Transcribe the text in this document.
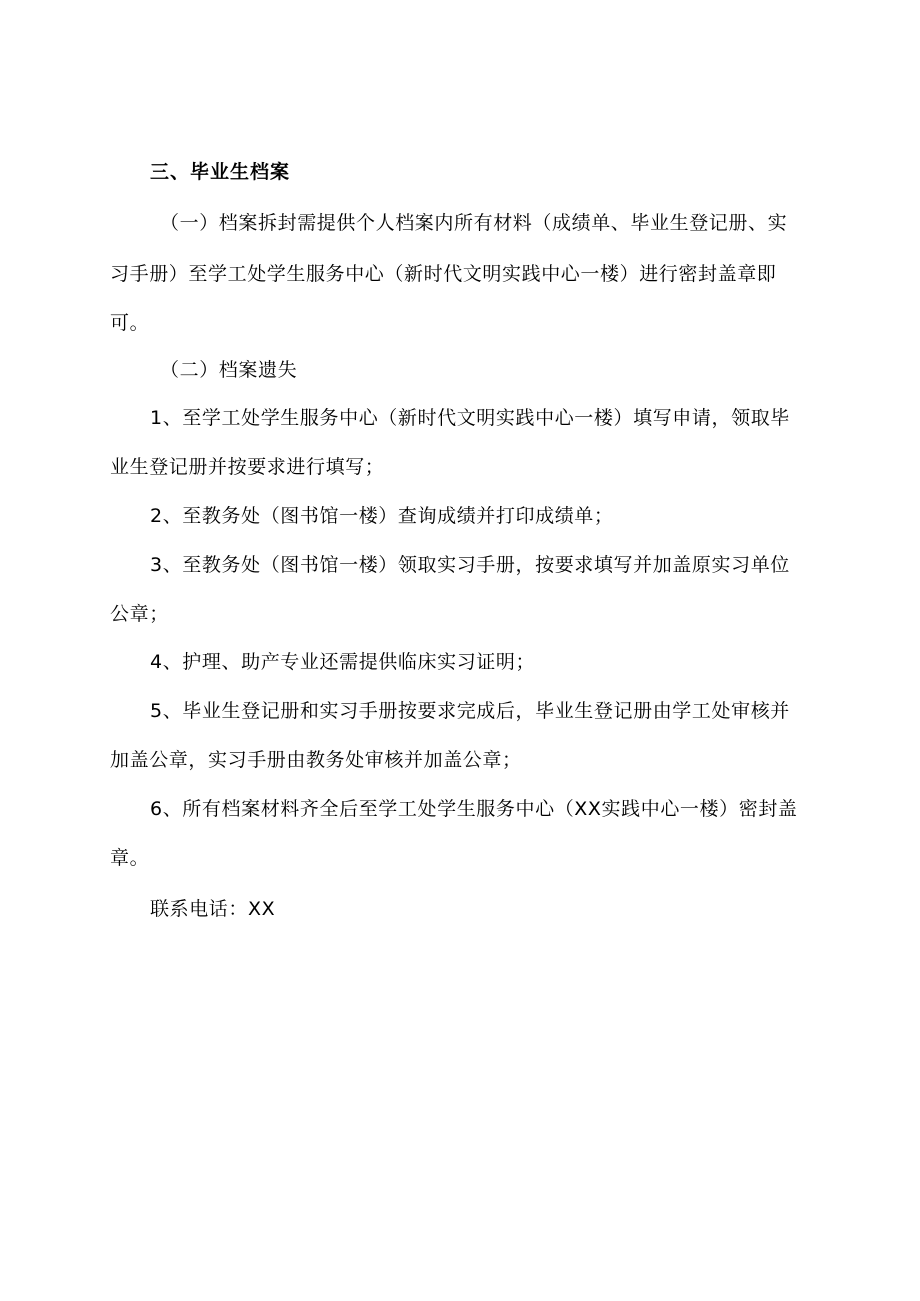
三、毕业生档案
（一）档案拆封需提供个人档案内所有材料（成绩单、毕业生登记册、实
习手册）至学工处学生服务中心（新时代文明实践中心一楼）进行密封盖章即
可。
（二）档案遗失
1、至学工处学生服务中心（新时代文明实践中心一楼）填写申请，领取毕
业生登记册并按要求进行填写；
2、至教务处（图书馆一楼）查询成绩并打印成绩单；
3、至教务处（图书馆一楼）领取实习手册，按要求填写并加盖原实习单位
公章；
4、护理、助产专业还需提供临床实习证明；
5、毕业生登记册和实习手册按要求完成后，毕业生登记册由学工处审核并
加盖公章，实习手册由教务处审核并加盖公章；
6、所有档案材料齐全后至学工处学生服务中心（XX实践中心一楼）密封盖
章。
联系电话：XX
